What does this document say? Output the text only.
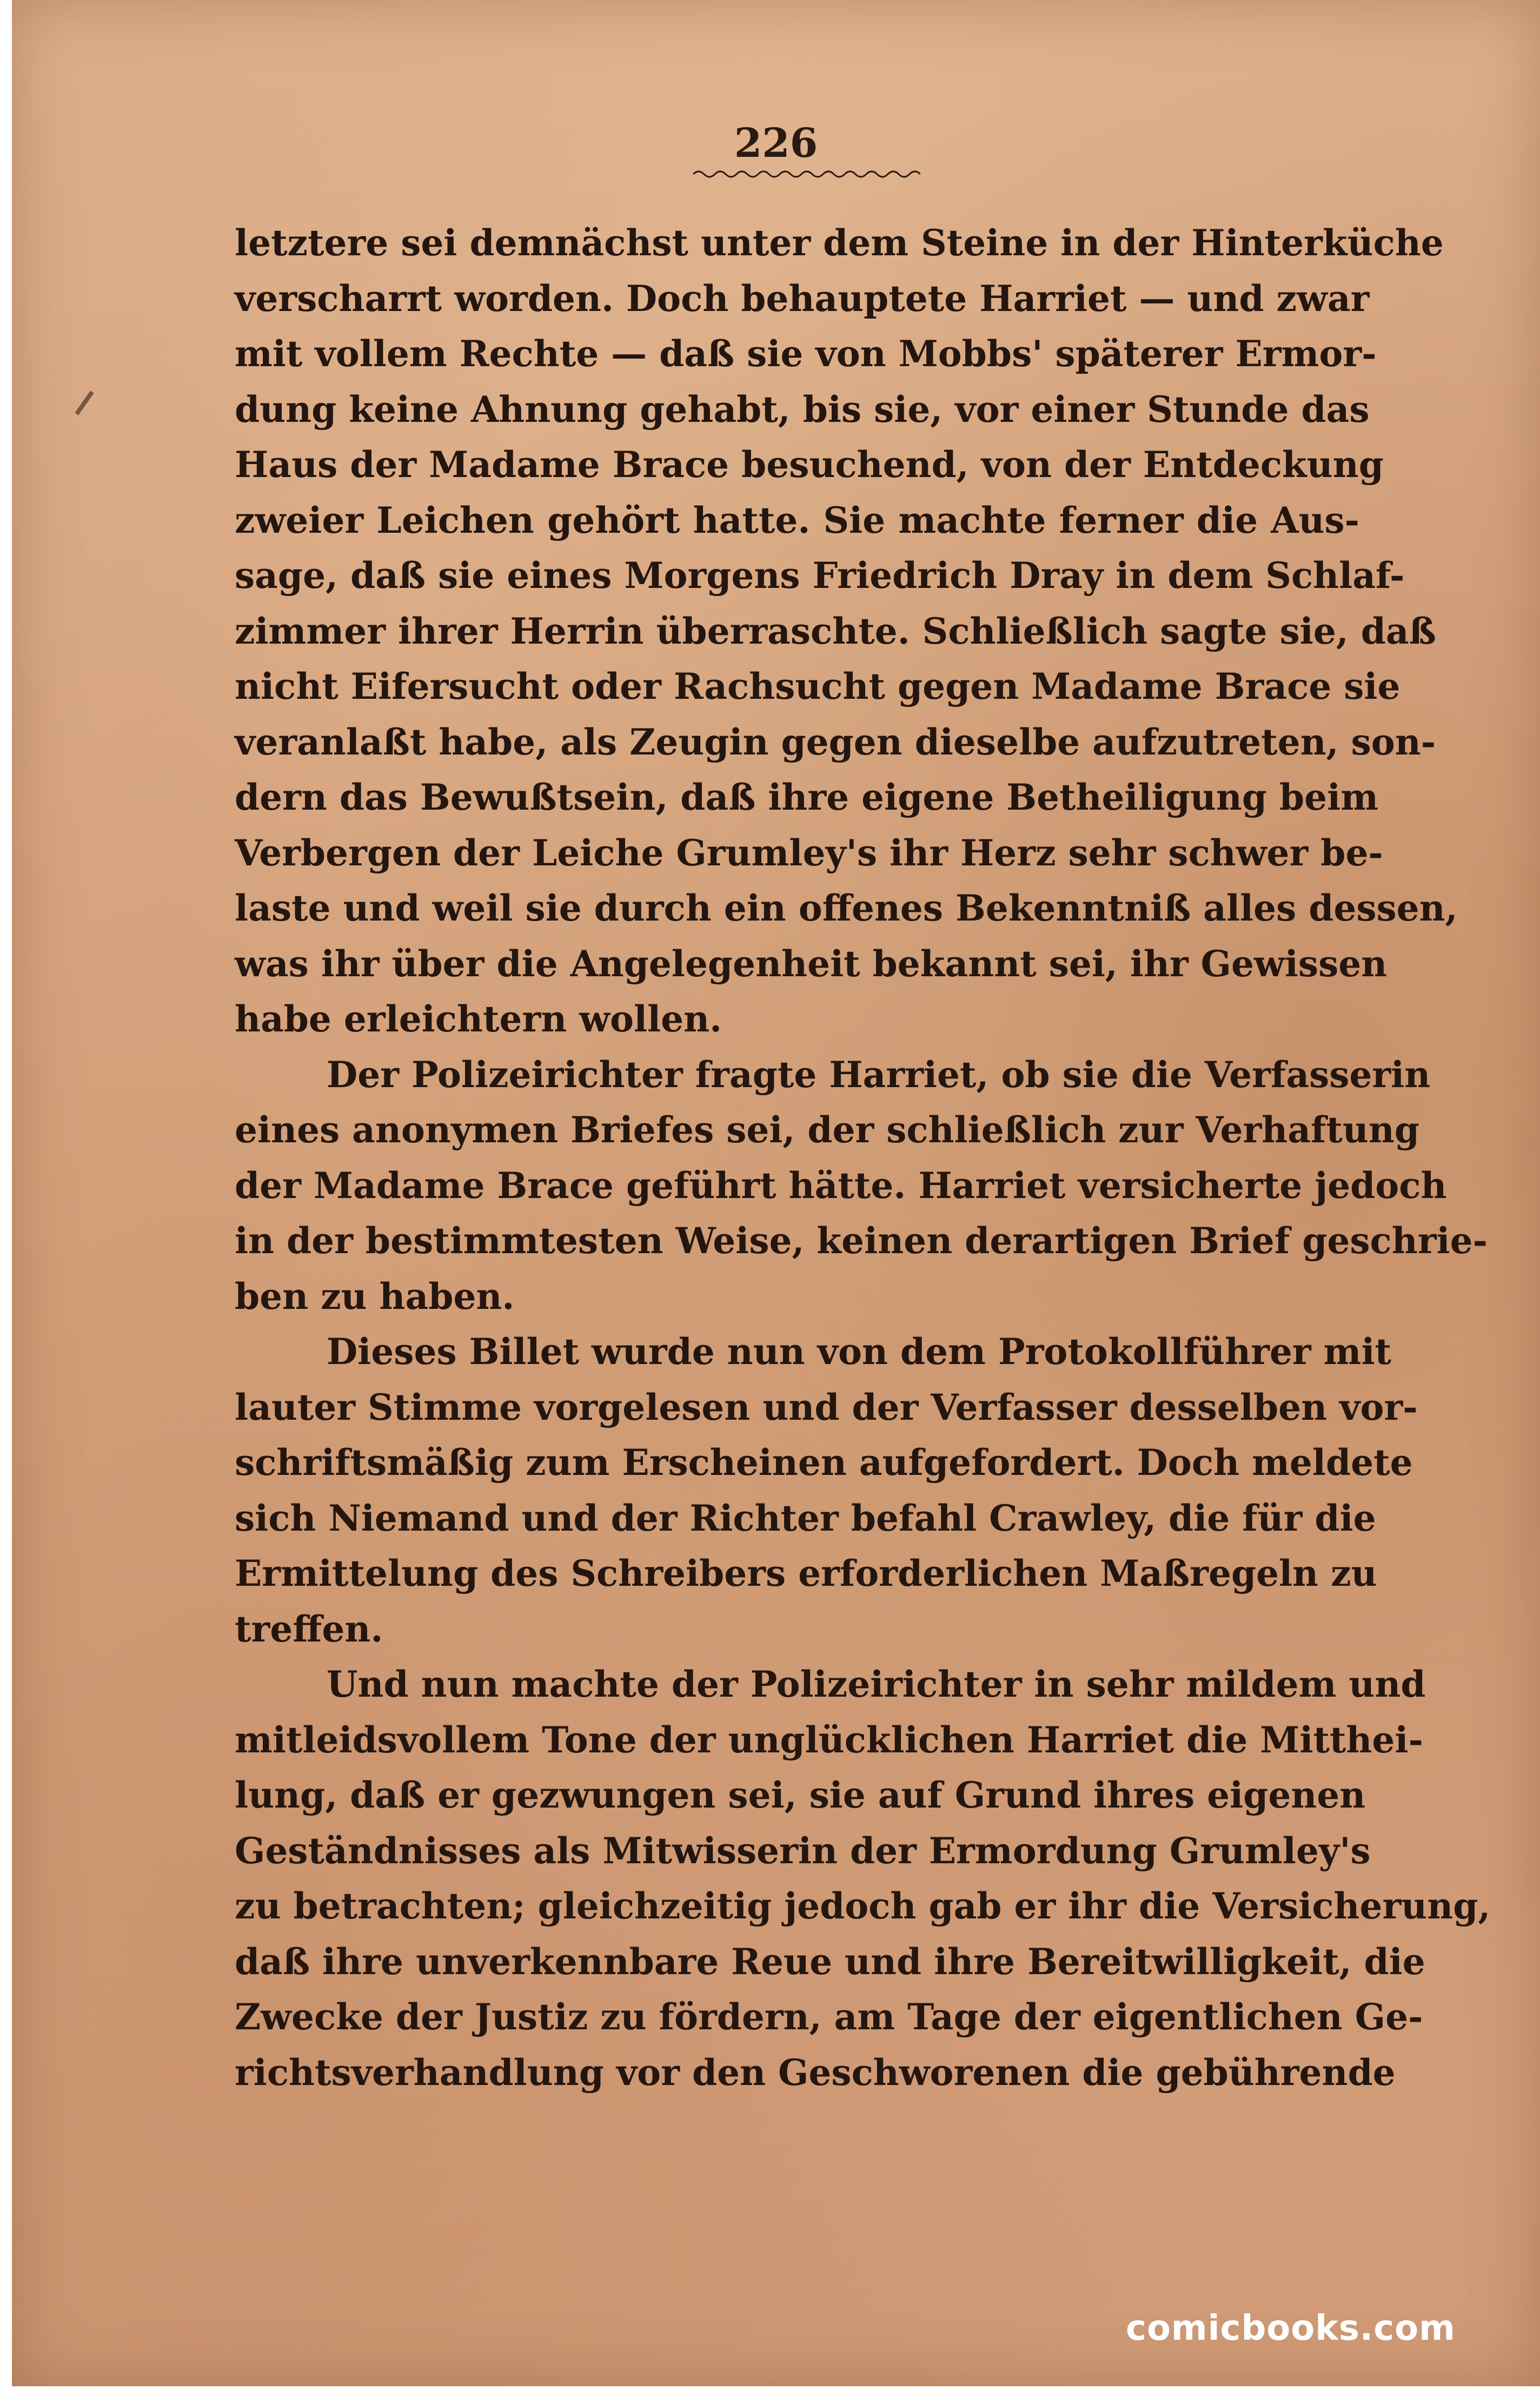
226
letztere sei demnächst unter dem Steine in der Hinterküche
verscharrt worden. Doch behauptete Harriet — und zwar
mit vollem Rechte — daß sie von Mobbs' späterer Ermor-
dung keine Ahnung gehabt, bis sie, vor einer Stunde das
Haus der Madame Brace besuchend, von der Entdeckung
zweier Leichen gehört hatte. Sie machte ferner die Aus-
sage, daß sie eines Morgens Friedrich Dray in dem Schlaf-
zimmer ihrer Herrin überraschte. Schließlich sagte sie, daß
nicht Eifersucht oder Rachsucht gegen Madame Brace sie
veranlaßt habe, als Zeugin gegen dieselbe aufzutreten, son-
dern das Bewußtsein, daß ihre eigene Betheiligung beim
Verbergen der Leiche Grumley's ihr Herz sehr schwer be-
laste und weil sie durch ein offenes Bekenntniß alles dessen,
was ihr über die Angelegenheit bekannt sei, ihr Gewissen
habe erleichtern wollen.
Der Polizeirichter fragte Harriet, ob sie die Verfasserin
eines anonymen Briefes sei, der schließlich zur Verhaftung
der Madame Brace geführt hätte. Harriet versicherte jedoch
in der bestimmtesten Weise, keinen derartigen Brief geschrie-
ben zu haben.
Dieses Billet wurde nun von dem Protokollführer mit
lauter Stimme vorgelesen und der Verfasser desselben vor-
schriftsmäßig zum Erscheinen aufgefordert. Doch meldete
sich Niemand und der Richter befahl Crawley, die für die
Ermittelung des Schreibers erforderlichen Maßregeln zu
treffen.
Und nun machte der Polizeirichter in sehr mildem und
mitleidsvollem Tone der unglücklichen Harriet die Mitthei-
lung, daß er gezwungen sei, sie auf Grund ihres eigenen
Geständnisses als Mitwisserin der Ermordung Grumley's
zu betrachten; gleichzeitig jedoch gab er ihr die Versicherung,
daß ihre unverkennbare Reue und ihre Bereitwilligkeit, die
Zwecke der Justiz zu fördern, am Tage der eigentlichen Ge-
richtsverhandlung vor den Geschworenen die gebührende
comicbooks.com
